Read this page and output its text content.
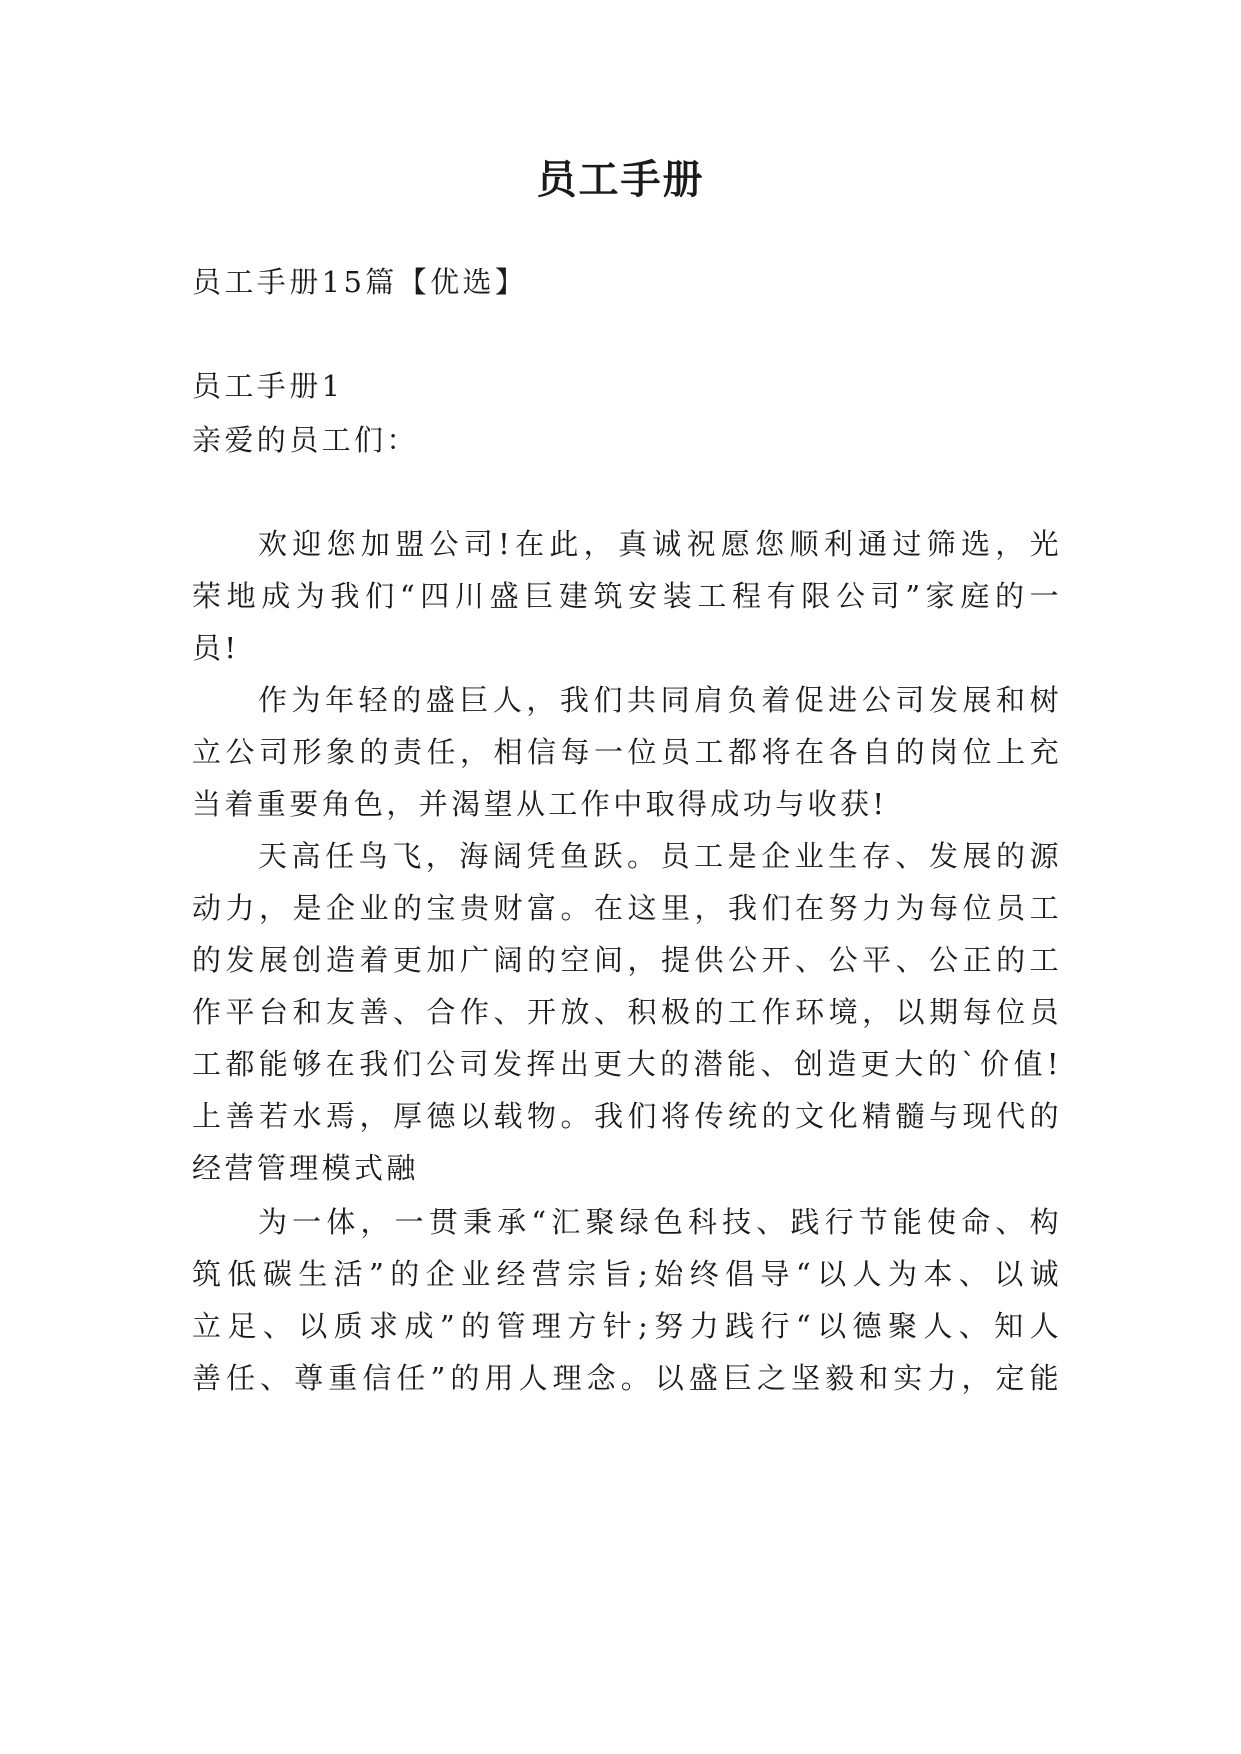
员工手册
员工手册15篇【优选】
员工手册1
亲爱的员工们：
欢迎您加盟公司!在此，真诚祝愿您顺利通过筛选，光
荣地成为我们“四川盛巨建筑安装工程有限公司”家庭的一
员!
作为年轻的盛巨人，我们共同肩负着促进公司发展和树
立公司形象的责任，相信每一位员工都将在各自的岗位上充
当着重要角色，并渴望从工作中取得成功与收获!
天高任鸟飞，海阔凭鱼跃。员工是企业生存、发展的源
动力，是企业的宝贵财富。在这里，我们在努力为每位员工
的发展创造着更加广阔的空间，提供公开、公平、公正的工
作平台和友善、合作、开放、积极的工作环境，以期每位员
工都能够在我们公司发挥出更大的潜能、创造更大的`价值!
上善若水焉，厚德以载物。我们将传统的文化精髓与现代的
经营管理模式融
为一体，一贯秉承“汇聚绿色科技、践行节能使命、构
筑低碳生活”的企业经营宗旨;始终倡导“以人为本、以诚
立足、以质求成”的管理方针;努力践行“以德聚人、知人
善任、尊重信任”的用人理念。以盛巨之坚毅和实力，定能
